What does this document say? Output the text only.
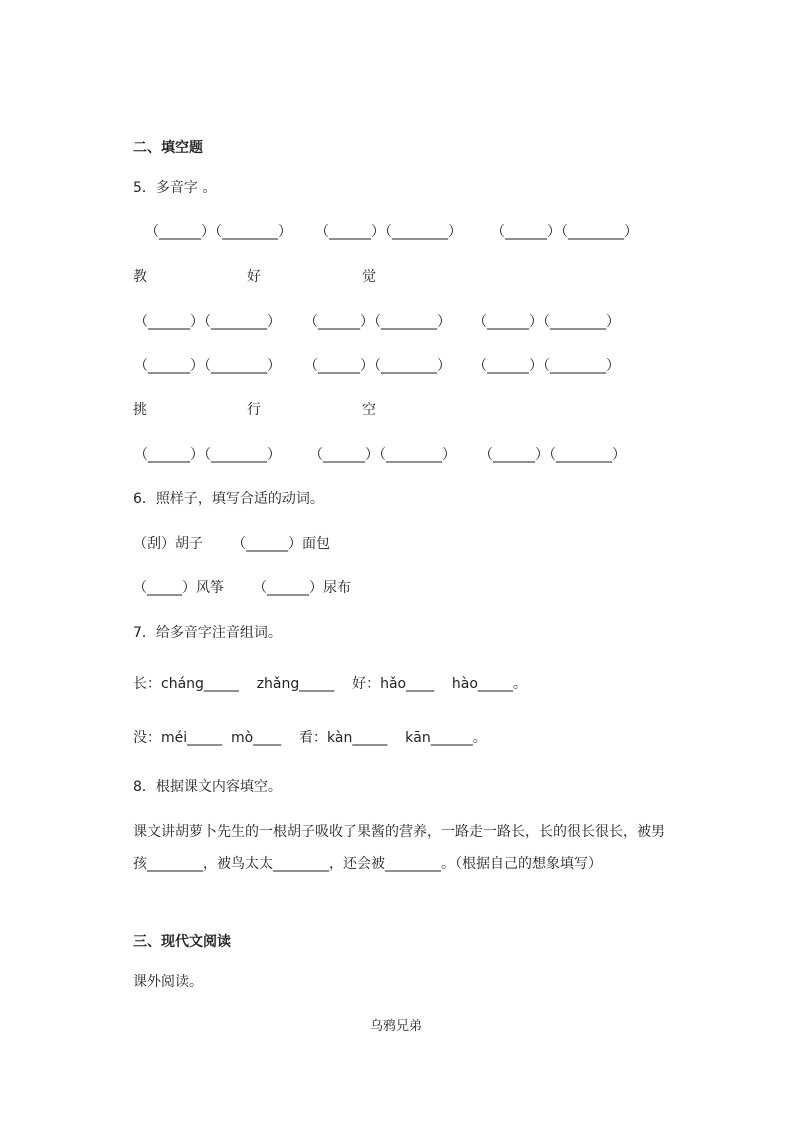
二、填空题
5．多音字 。
（______）（________） （______）（________） （______）（________）
教	好	觉
（______）（________） （______）（________） （______）（________）
（______）（________） （______）（________） （______）（________）
挑	行	空
（______）（________） （______）（________） （______）（________）
6．照样子，填写合适的动词。
（刮）胡子 （______）面包
（_____）风筝 （______）尿布
7．给多音字注音组词。
长：cháng_____    zhǎng_____    好：hǎo____    hào_____。
没：méi_____  mò____    看：kàn_____    kān______。
8．根据课文内容填空。
课文讲胡萝卜先生的一根胡子吸收了果酱的营养，一路走一路长，长的很长很长，被男
孩________，被鸟太太________，还会被________。（根据自己的想象填写）
三、现代文阅读
课外阅读。
乌鸦兄弟
